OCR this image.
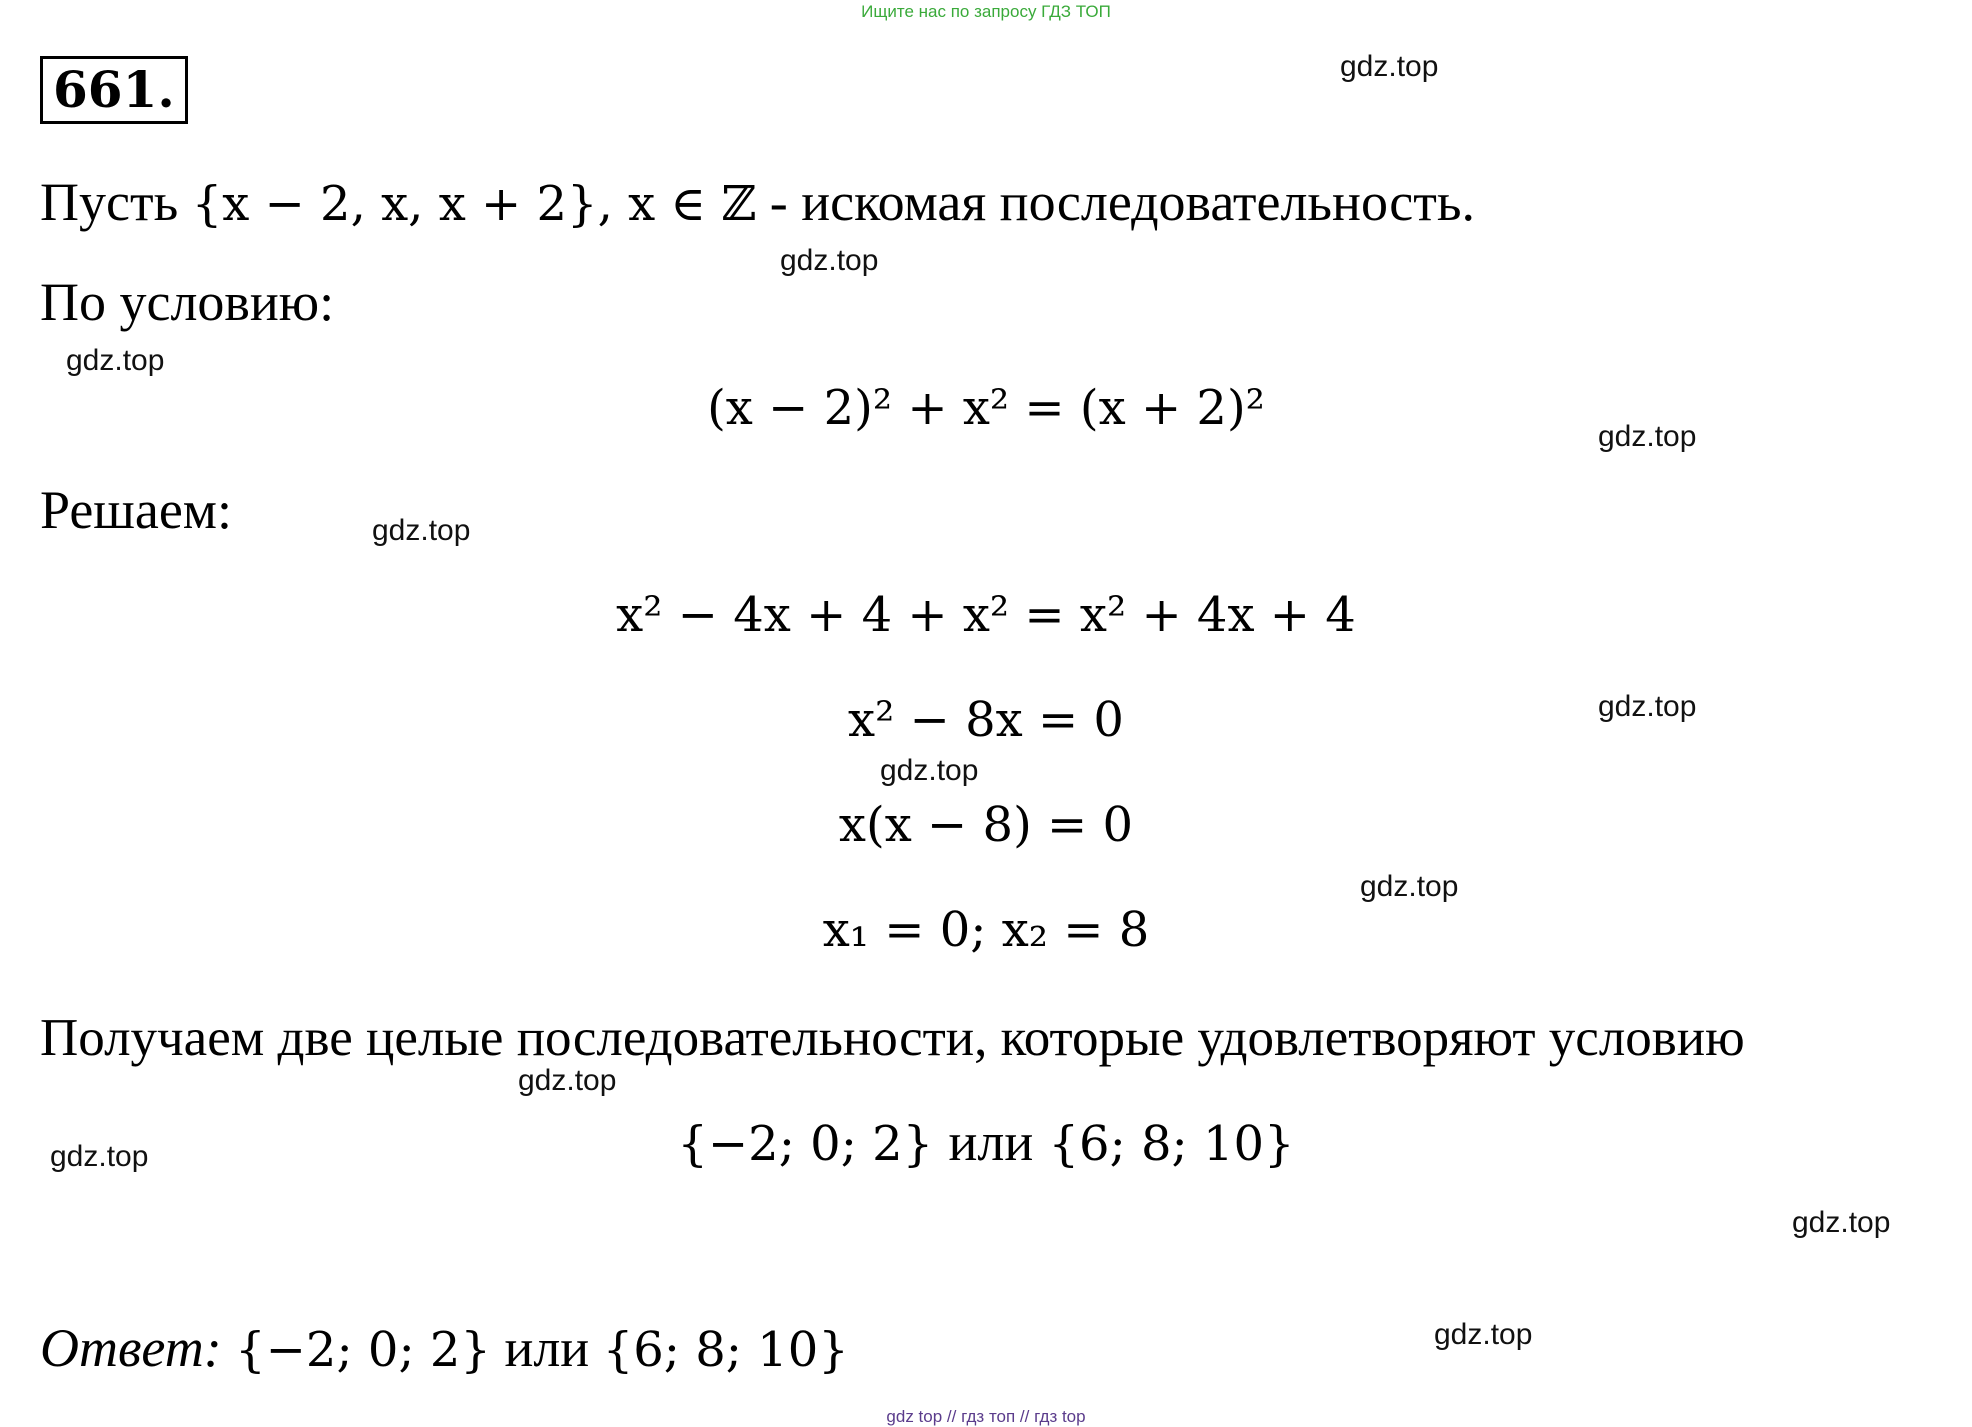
Ищите нас по запросу ГДЗ ТОП
661.
Пусть {x − 2, x, x + 2}, x ∈ ℤ - искомая последовательность.
По условию:
(x − 2)² + x² = (x + 2)²
Решаем:
x² − 4x + 4 + x² = x² + 4x + 4
x² − 8x = 0
x(x − 8) = 0
x₁ = 0; x₂ = 8
Получаем две целые последовательности, которые удовлетворяют условию
{−2; 0; 2} или {6; 8; 10}
Ответ: {−2; 0; 2} или {6; 8; 10}
gdz.top
gdz.top
gdz.top
gdz.top
gdz.top
gdz.top
gdz.top
gdz.top
gdz.top
gdz.top
gdz.top
gdz.top
gdz top // гдз топ // гдз top
